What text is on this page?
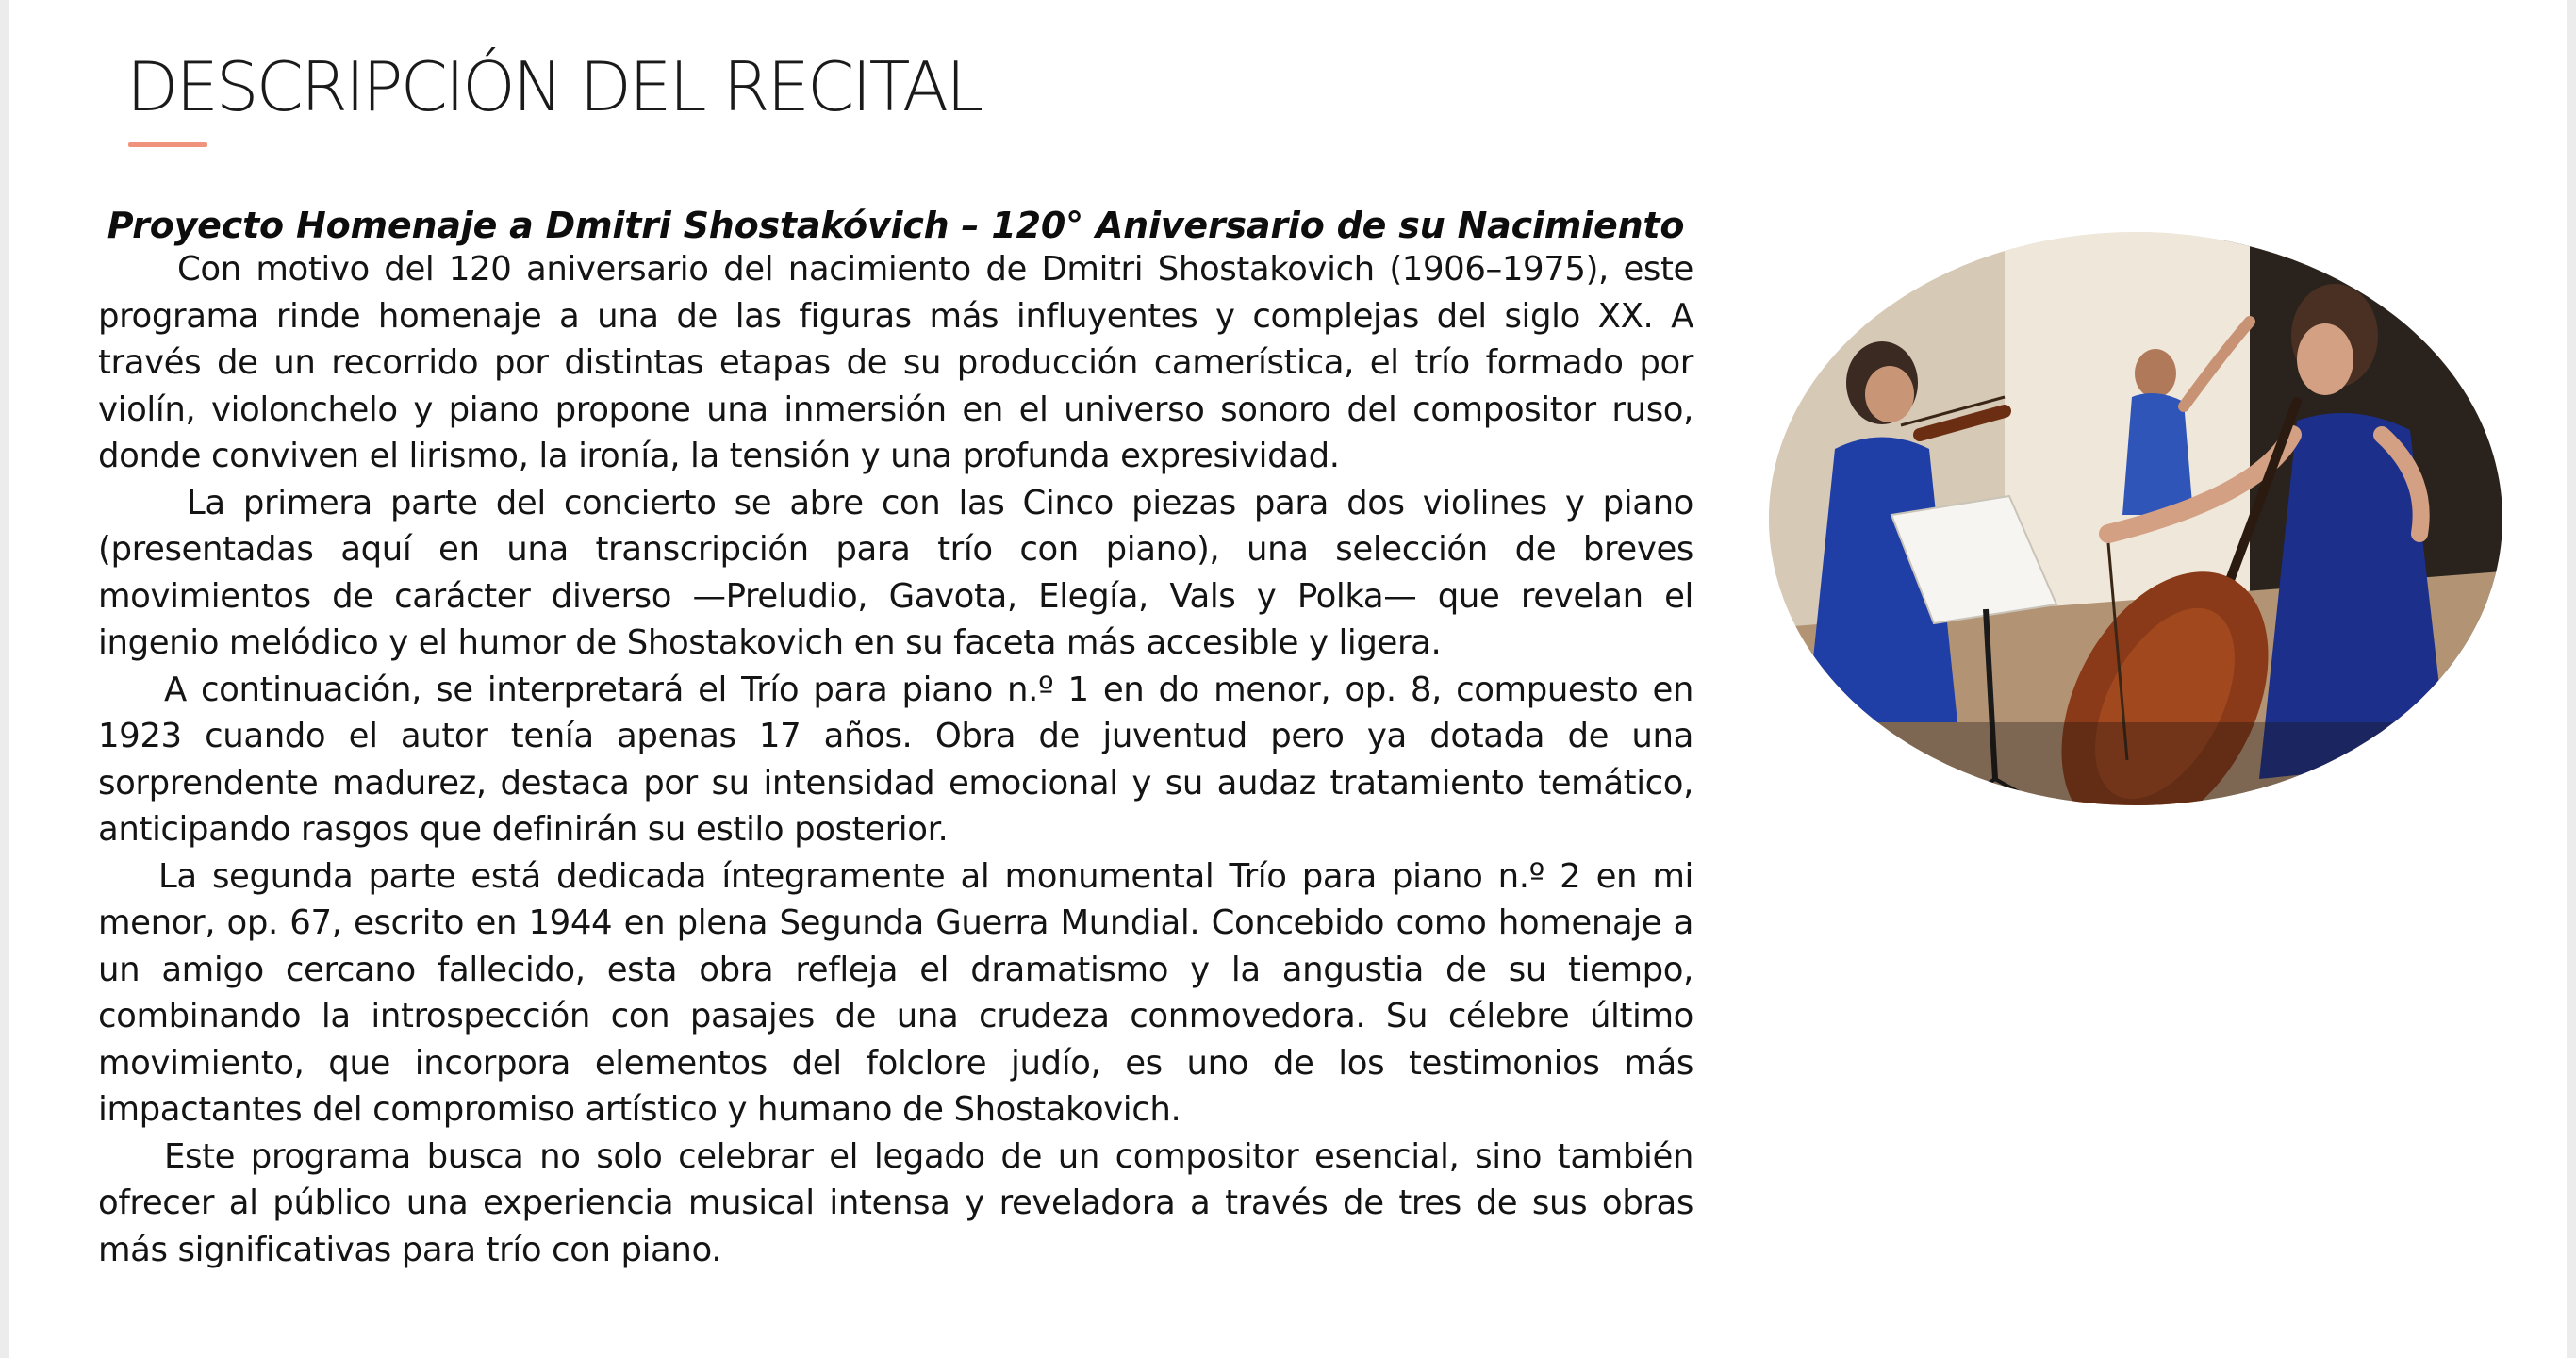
DESCRIPCIÓN DEL RECITAL
Proyecto Homenaje a Dmitri Shostakóvich – 120° Aniversario de su Nacimiento

Con motivo del 120 aniversario del nacimiento de Dmitri Shostakovich (1906–1975), este programa rinde homenaje a una de las figuras más influyentes y complejas del siglo XX. A través de un recorrido por distintas etapas de su producción camerística, el trío formado por violín, violonchelo y piano propone una inmersión en el universo sonoro del compositor ruso, donde conviven el lirismo, la ironía, la tensión y una profunda expresividad.

La primera parte del concierto se abre con las Cinco piezas para dos violines y piano (presentadas aquí en una transcripción para trío con piano), una selección de breves movimientos de carácter diverso —Preludio, Gavota, Elegía, Vals y Polka— que revelan el ingenio melódico y el humor de Shostakovich en su faceta más accesible y ligera.

A continuación, se interpretará el Trío para piano n.º 1 en do menor, op. 8, compuesto en 1923 cuando el autor tenía apenas 17 años. Obra de juventud pero ya dotada de una sorprendente madurez, destaca por su intensidad emocional y su audaz tratamiento temático, anticipando rasgos que definirán su estilo posterior.

La segunda parte está dedicada íntegramente al monumental Trío para piano n.º 2 en mi menor, op. 67, escrito en 1944 en plena Segunda Guerra Mundial. Concebido como homenaje a un amigo cercano fallecido, esta obra refleja el dramatismo y la angustia de su tiempo, combinando la introspección con pasajes de una crudeza conmovedora. Su célebre último movimiento, que incorpora elementos del folclore judío, es uno de los testimonios más impactantes del compromiso artístico y humano de Shostakovich.

Este programa busca no solo celebrar el legado de un compositor esencial, sino también ofrecer al público una experiencia musical intensa y reveladora a través de tres de sus obras más significativas para trío con piano.
